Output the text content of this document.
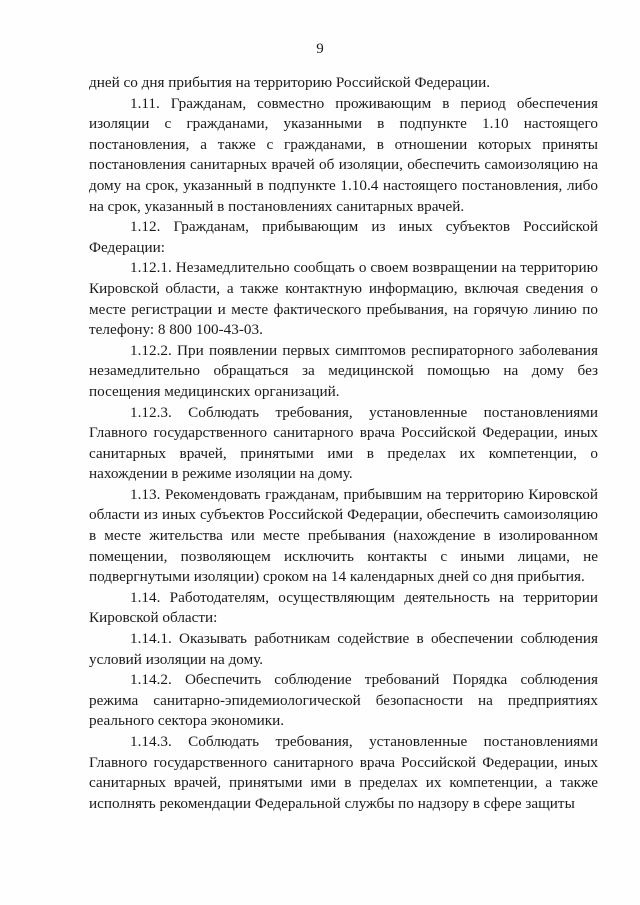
9

дней со дня прибытия на территорию Российской Федерации.

1.11. Гражданам, совместно проживающим в период обеспечения изоляции с гражданами, указанными в подпункте 1.10 настоящего постановления, а также с гражданами, в отношении которых приняты постановления санитарных врачей об изоляции, обеспечить самоизоляцию на дому на срок, указанный в подпункте 1.10.4 настоящего постановления, либо на срок, указанный в постановлениях санитарных врачей.

1.12. Гражданам, прибывающим из иных субъектов Российской Федерации:

1.12.1. Незамедлительно сообщать о своем возвращении на территорию Кировской области, а также контактную информацию, включая сведения о месте регистрации и месте фактического пребывания, на горячую линию по телефону: 8 800 100-43-03.

1.12.2. При появлении первых симптомов респираторного заболевания незамедлительно обращаться за медицинской помощью на дому без посещения медицинских организаций.

1.12.3. Соблюдать требования, установленные постановлениями Главного государственного санитарного врача Российской Федерации, иных санитарных врачей, принятыми ими в пределах их компетенции, о нахождении в режиме изоляции на дому.

1.13. Рекомендовать гражданам, прибывшим на территорию Кировской области из иных субъектов Российской Федерации, обеспечить самоизоляцию в месте жительства или месте пребывания (нахождение в изолированном помещении, позволяющем исключить контакты с иными лицами, не подвергнутыми изоляции) сроком на 14 календарных дней со дня прибытия.

1.14. Работодателям, осуществляющим деятельность на территории Кировской области:

1.14.1. Оказывать работникам содействие в обеспечении соблюдения условий изоляции на дому.

1.14.2. Обеспечить соблюдение требований Порядка соблюдения режима санитарно-эпидемиологической безопасности на предприятиях реального сектора экономики.

1.14.3. Соблюдать требования, установленные постановлениями Главного государственного санитарного врача Российской Федерации, иных санитарных врачей, принятыми ими в пределах их компетенции, а также исполнять рекомендации Федеральной службы по надзору в сфере защиты
